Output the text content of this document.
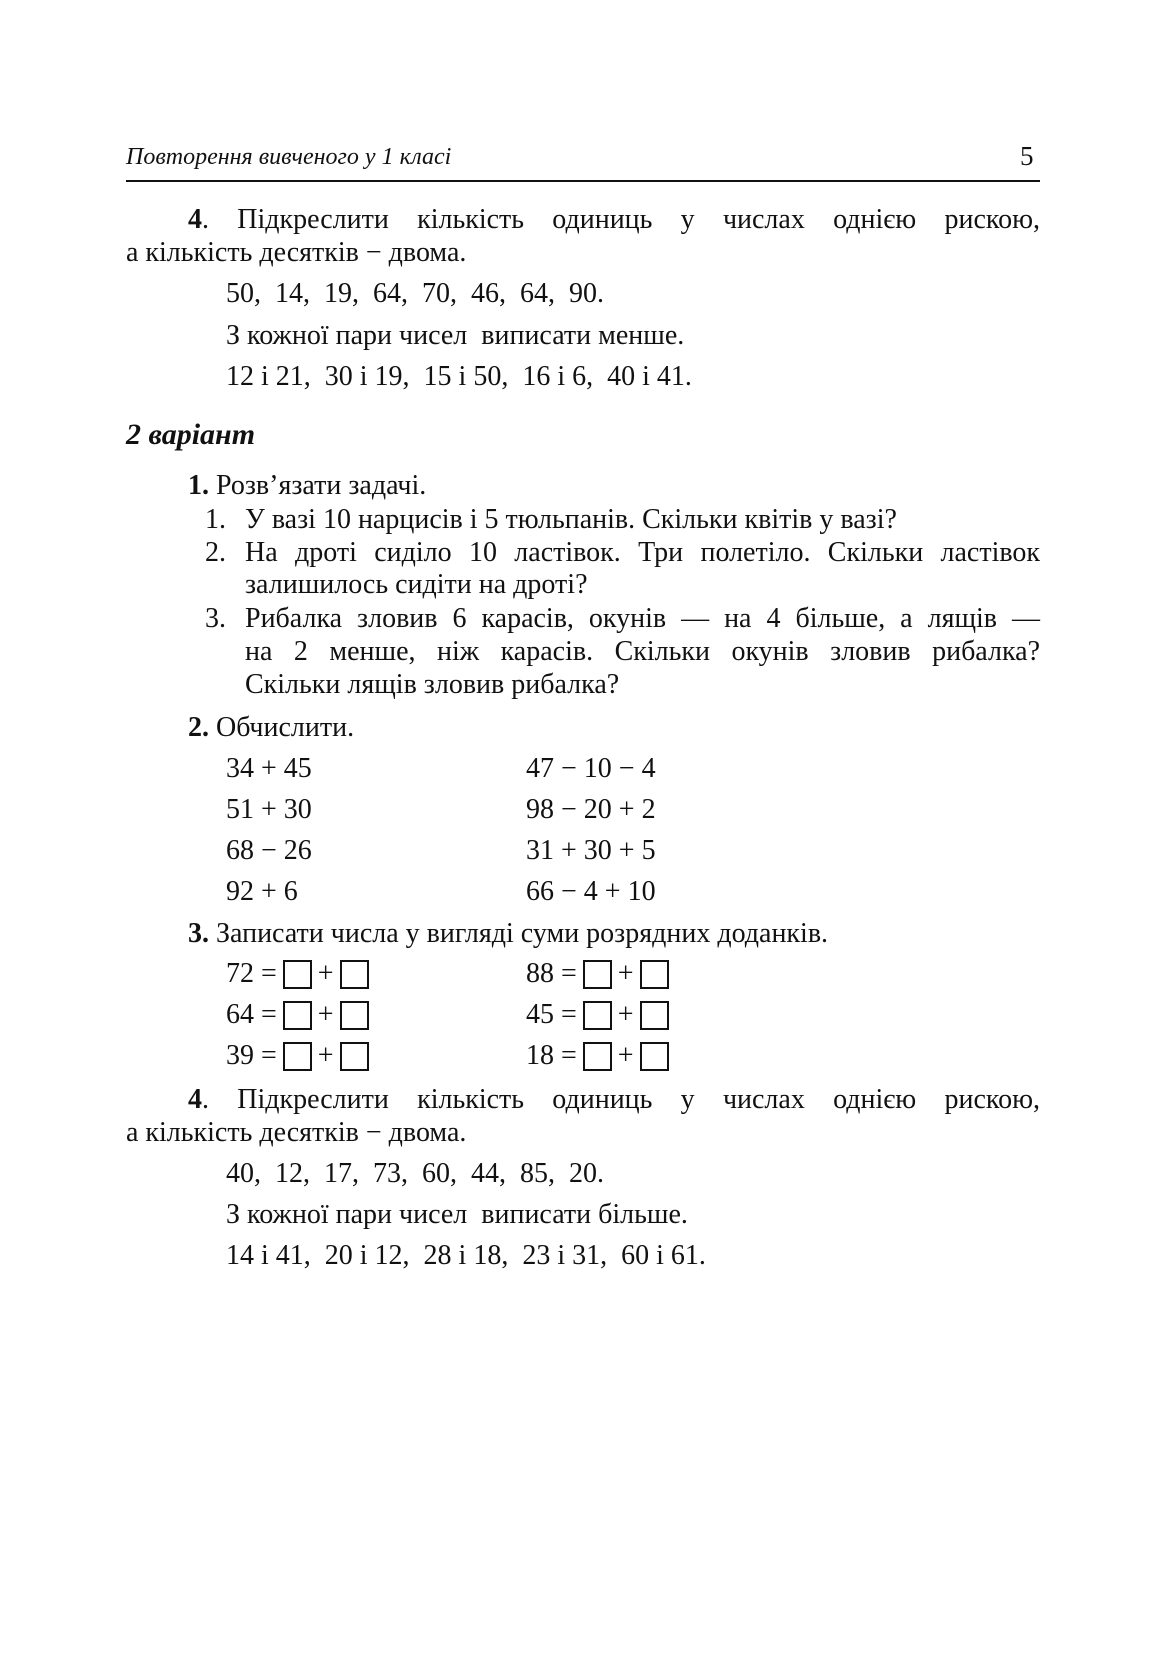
Повторення вивченого у 1 класі	5
4. Підкреслити кількість одиниць у числах однією рискою,
а кількість десятків − двома.
50,  14,  19,  64,  70,  46,  64,  90.
З кожної пари чисел  виписати менше.
12 і 21,  30 і 19,  15 і 50,  16 і 6,  40 і 41.
2 варіант
1. Розв’язати задачі.
1. У вазі 10 нарцисів і 5 тюльпанів. Скільки квітів у вазі?
2. На дроті сиділо 10 ластівок. Три полетіло. Скільки ластівок
залишилось сидіти на дроті?
3. Рибалка зловив 6 карасів, окунів — на 4 більше, а лящів —
на 2 менше, ніж карасів. Скільки окунів зловив рибалка?
Скільки лящів зловив рибалка?
2. Обчислити.
34 + 45
51 + 30
68 − 26
92 + 6
47 − 10 − 4
98 − 20 + 2
31 + 30 + 5
66 − 4 + 10
3. Записати числа у вигляді суми розрядних доданків.
72 = +
64 = +
39 = +
88 = +
45 = +
18 = +
4. Підкреслити кількість одиниць у числах однією рискою,
а кількість десятків − двома.
40,  12,  17,  73,  60,  44,  85,  20.
З кожної пари чисел  виписати більше.
14 і 41,  20 і 12,  28 і 18,  23 і 31,  60 і 61.
